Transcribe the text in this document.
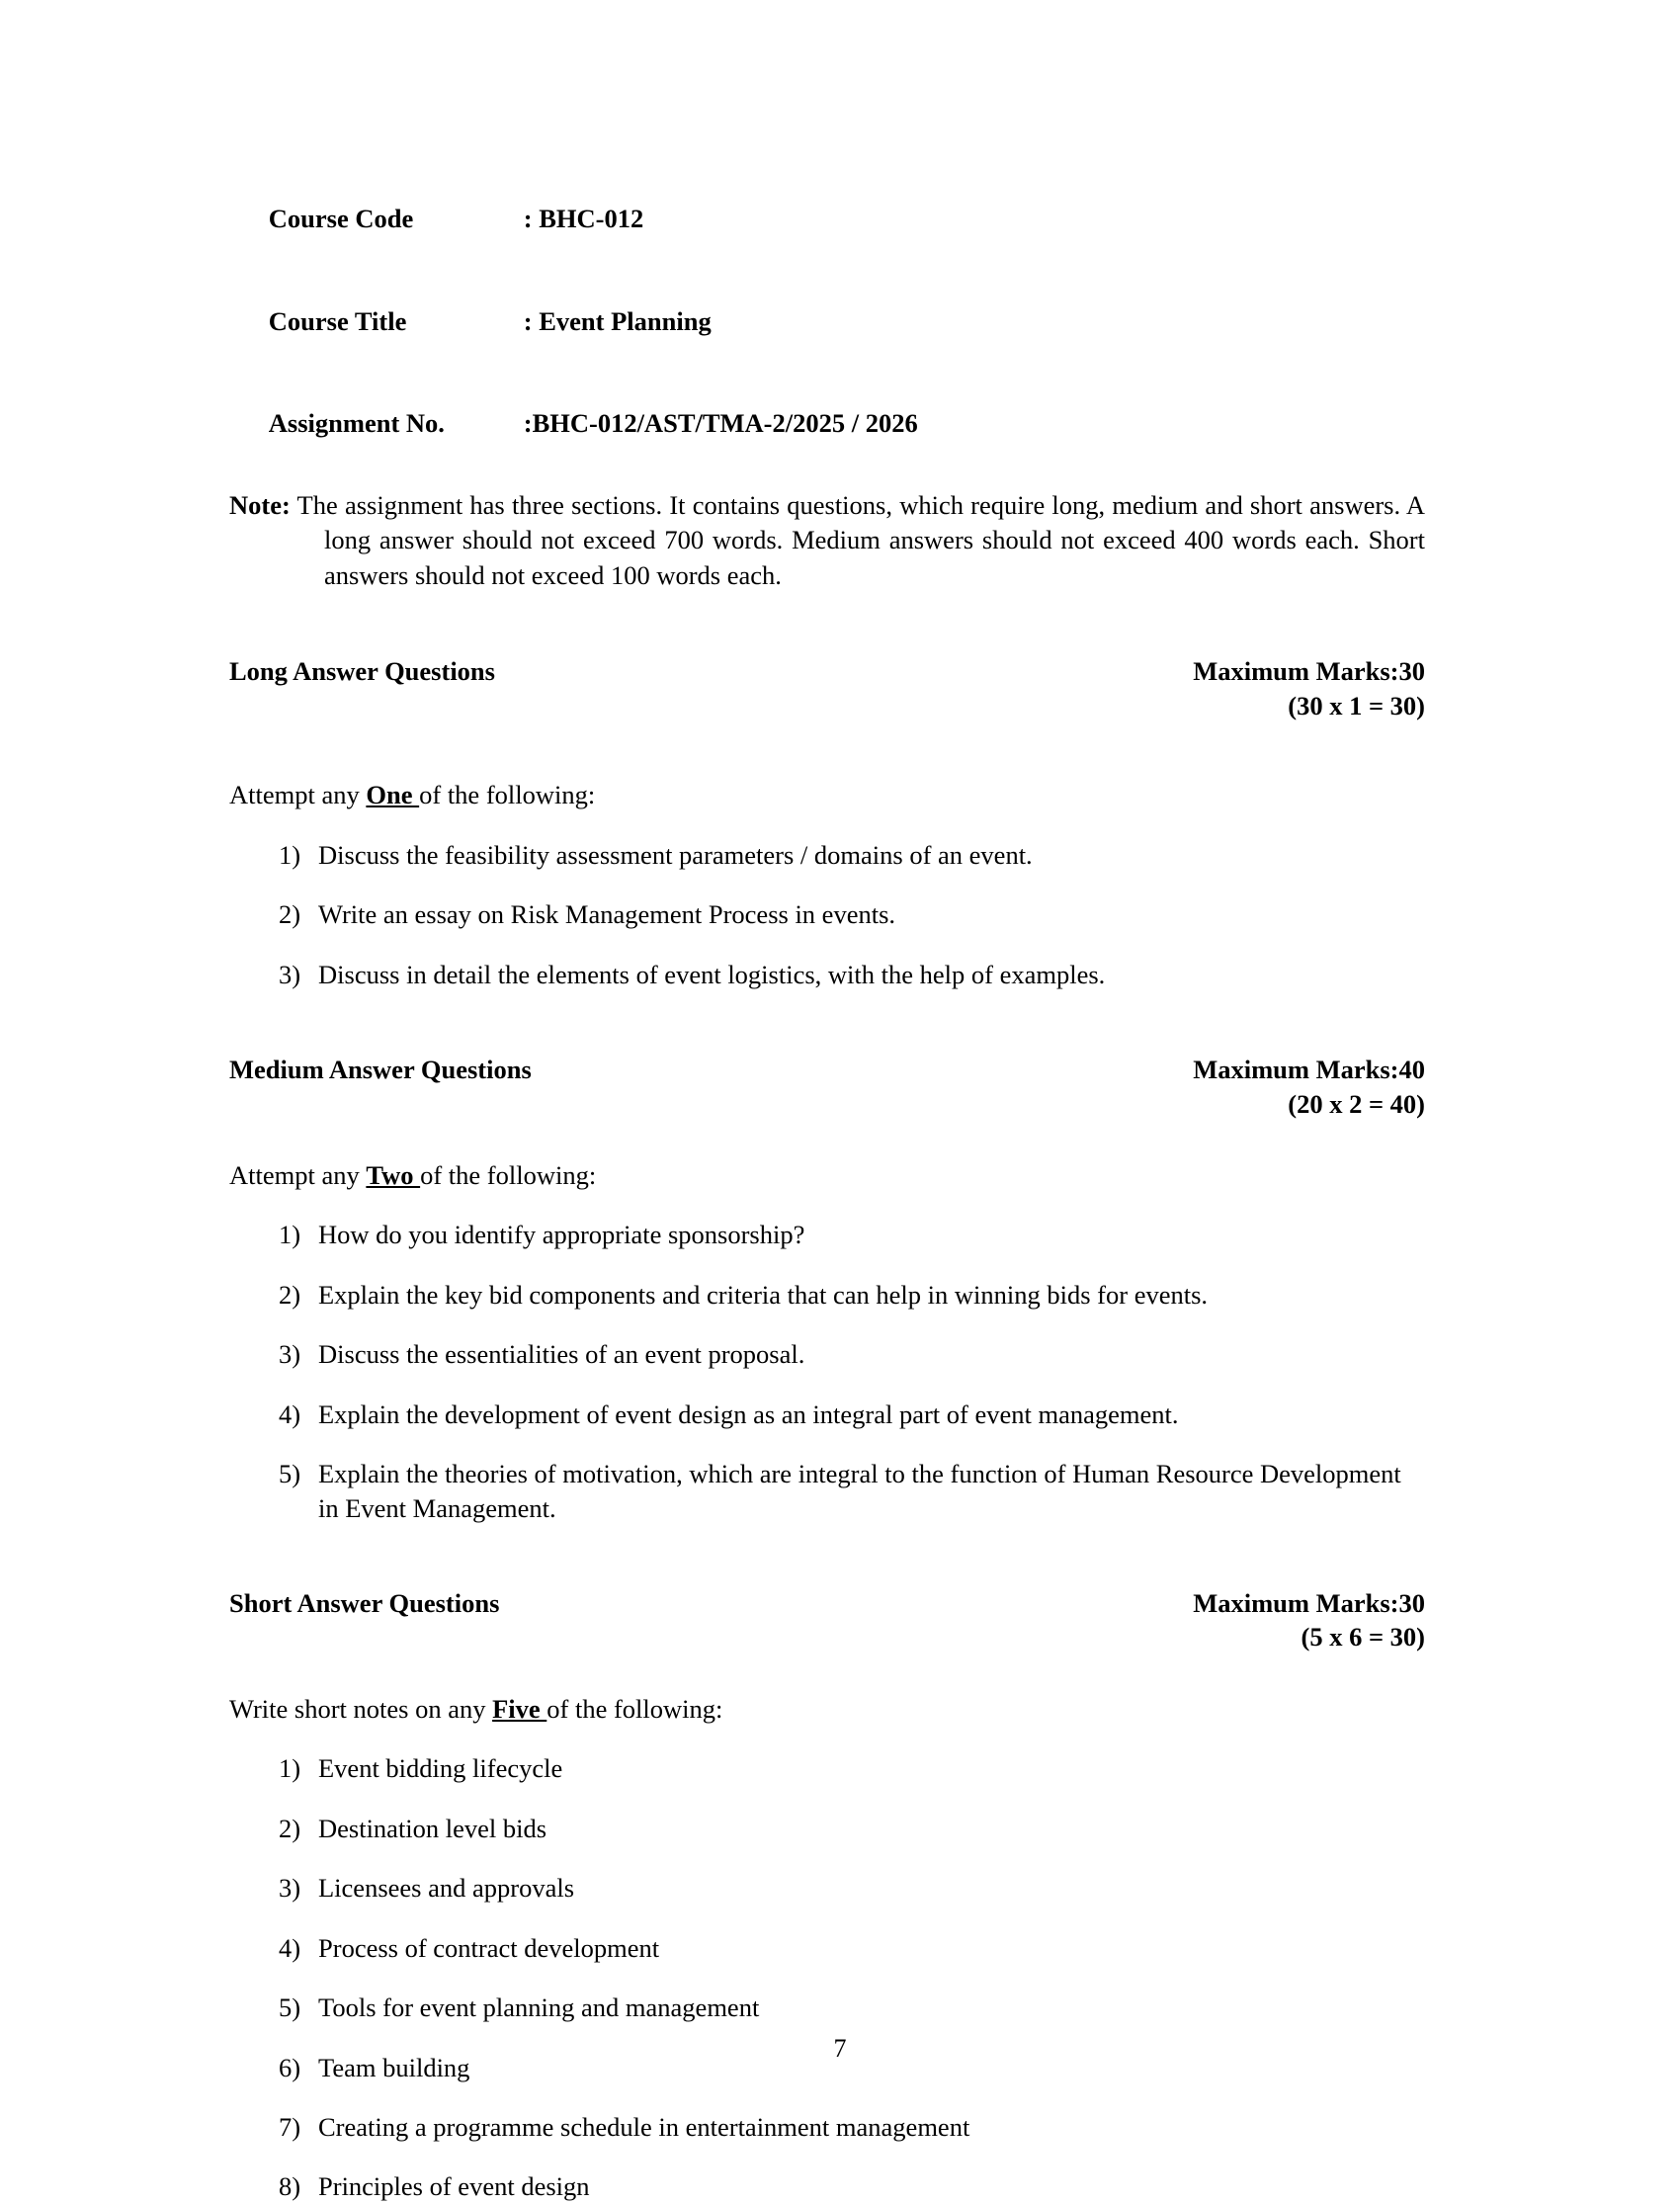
Course Code	: BHC-012

Course Title	: Event Planning

Assignment No.	:BHC-012/AST/TMA-2/2025 / 2026

Note: The assignment has three sections. It contains questions, which require long, medium and short answers. A long answer should not exceed 700 words. Medium answers should not exceed 400 words each. Short answers should not exceed 100 words each.

Long Answer Questions	Maximum Marks:30
(30 x 1 = 30)
Attempt any One of the following:
1) Discuss the feasibility assessment parameters / domains of an event.
2) Write an essay on Risk Management Process in events.
3) Discuss in detail the elements of event logistics, with the help of examples.
Medium Answer Questions	Maximum Marks:40
(20 x 2 = 40)
Attempt any Two of the following:
1) How do you identify appropriate sponsorship?
2) Explain the key bid components and criteria that can help in winning bids for events.
3) Discuss the essentialities of an event proposal.
4) Explain the development of event design as an integral part of event management.
5) Explain the theories of motivation, which are integral to the function of Human Resource Development in Event Management.
Short Answer Questions	Maximum Marks:30
(5 x 6 = 30)
Write short notes on any Five of the following:
1) Event bidding lifecycle
2) Destination level bids
3) Licensees and approvals
4) Process of contract development
5) Tools for event planning and management
6) Team building
7) Creating a programme schedule in entertainment management
8) Principles of event design
7
